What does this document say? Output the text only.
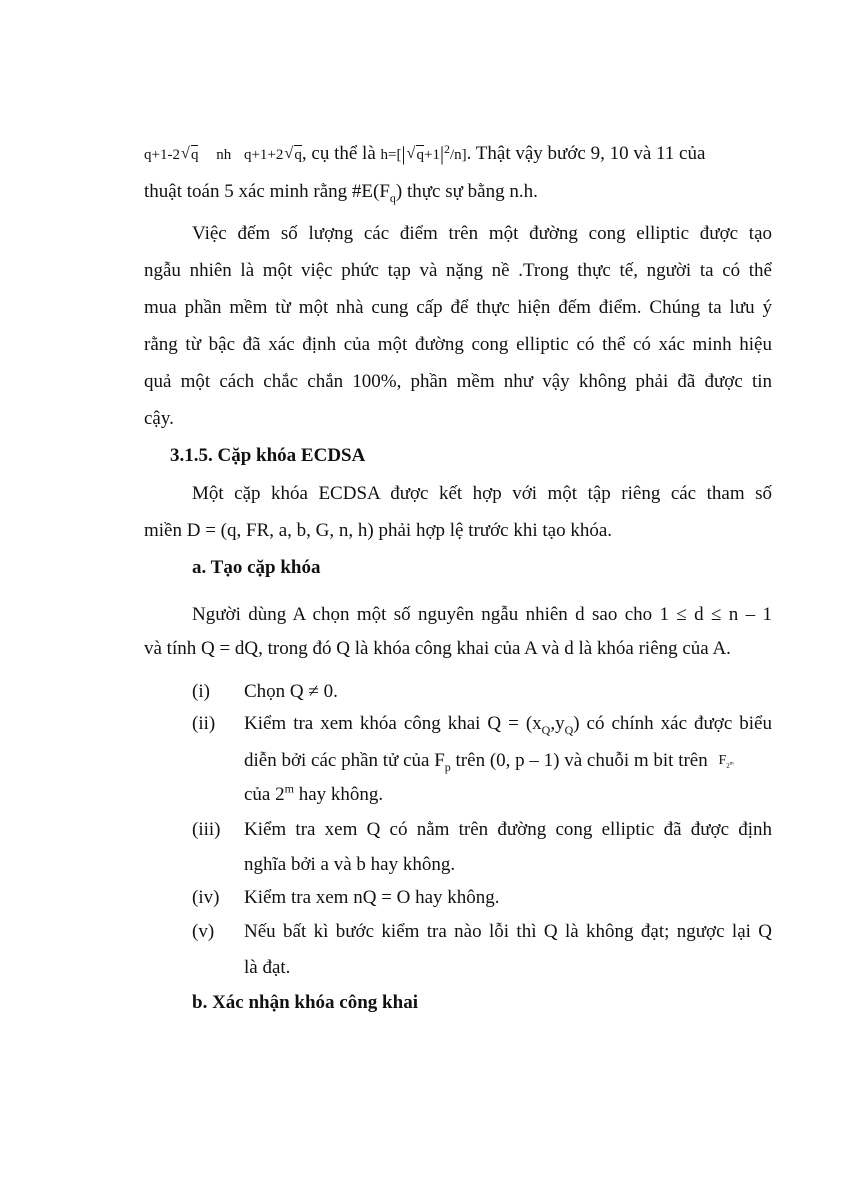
q+1-2 √ q nh q+1+2 √ q, cụ thể là h=[| √ $q+1|^2/n$]. Thật vậy bước 9, 10 và 11 của
thuật toán 5 xác minh rằng $\#E(F_q)$ thực sự bằng n.h.
Việc đếm số lượng các điểm trên một đường cong elliptic được tạo
ngẫu nhiên là một việc phức tạp và nặng nề .Trong thực tế, người ta có thể
mua phần mềm từ một nhà cung cấp để thực hiện đếm điểm. Chúng ta lưu ý
rằng từ bậc đã xác định của một đường cong elliptic có thể có xác minh hiệu
quả một cách chắc chắn 100%, phần mềm như vậy không phải đã được tin
cậy.
3.1.5. Cặp khóa ECDSA
Một cặp khóa ECDSA được kết hợp với một tập riêng các tham số
miền D = (q, FR, a, b, G, n, h) phải hợp lệ trước khi tạo khóa.
a. Tạo cặp khóa
Người dùng A chọn một số nguyên ngẫu nhiên d sao cho 1 ≤ d ≤ n – 1
và tính Q = dQ, trong đó Q là khóa công khai của A và d là khóa riêng của A.
(i) Chọn Q ≠ 0.
(ii) Kiểm tra xem khóa công khai $Q = (x_Q,y_Q)$ có chính xác được biểu
diễn bởi các phần tử của $F_p$ trên (0, p – 1) và chuỗi m bit trên $F_{2^m}$
của 2$^m$ hay không.
(iii) Kiểm tra xem Q có nằm trên đường cong elliptic đã được định
nghĩa bởi a và b hay không.
(iv) Kiểm tra xem nQ = O hay không.
(v) Nếu bất kì bước kiểm tra nào lỗi thì Q là không đạt; ngược lại Q
là đạt.
b. Xác nhận khóa công khai
